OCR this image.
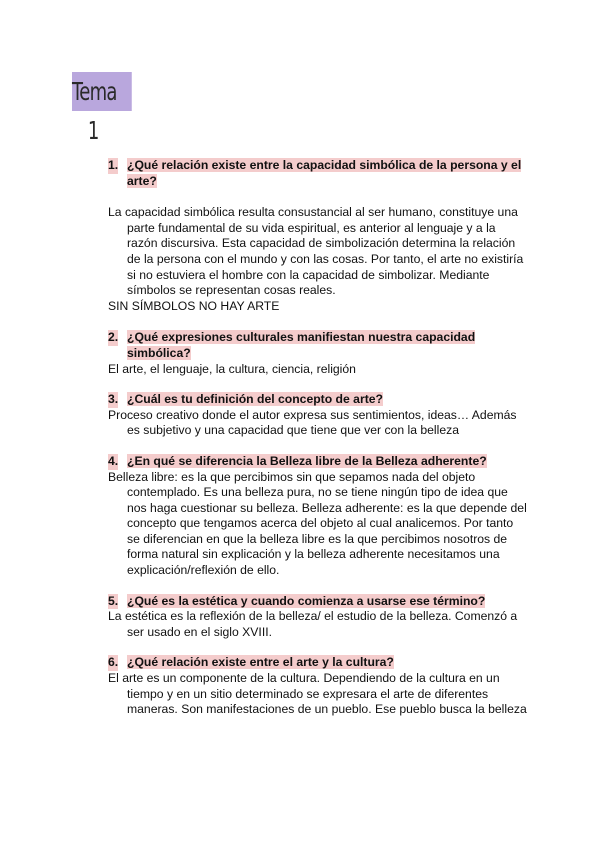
Tema 1

1. ¿Qué relación existe entre la capacidad simbólica de la persona y el arte?

La capacidad simbólica resulta consustancial al ser humano, constituye una parte fundamental de su vida espiritual, es anterior al lenguaje y a la razón discursiva. Esta capacidad de simbolización determina la relación de la persona con el mundo y con las cosas. Por tanto, el arte no existiría si no estuviera el hombre con la capacidad de simbolizar. Mediante símbolos se representan cosas reales.

SIN SÍMBOLOS NO HAY ARTE

2. ¿Qué expresiones culturales manifiestan nuestra capacidad simbólica?

El arte, el lenguaje, la cultura, ciencia, religión

3. ¿Cuál es tu definición del concepto de arte?

Proceso creativo donde el autor expresa sus sentimientos, ideas… Además es subjetivo y una capacidad que tiene que ver con la belleza

4. ¿En qué se diferencia la Belleza libre de la Belleza adherente?

Belleza libre: es la que percibimos sin que sepamos nada del objeto contemplado. Es una belleza pura, no se tiene ningún tipo de idea que nos haga cuestionar su belleza. Belleza adherente: es la que depende del concepto que tengamos acerca del objeto al cual analicemos. Por tanto se diferencian en que la belleza libre es la que percibimos nosotros de forma natural sin explicación y la belleza adherente necesitamos una explicación/reflexión de ello.

5. ¿Qué es la estética y cuando comienza a usarse ese término?

La estética es la reflexión de la belleza/ el estudio de la belleza. Comenzó a ser usado en el siglo XVIII.

6. ¿Qué relación existe entre el arte y la cultura?

El arte es un componente de la cultura. Dependiendo de la cultura en un tiempo y en un sitio determinado se expresara el arte de diferentes maneras. Son manifestaciones de un pueblo. Ese pueblo busca la belleza
